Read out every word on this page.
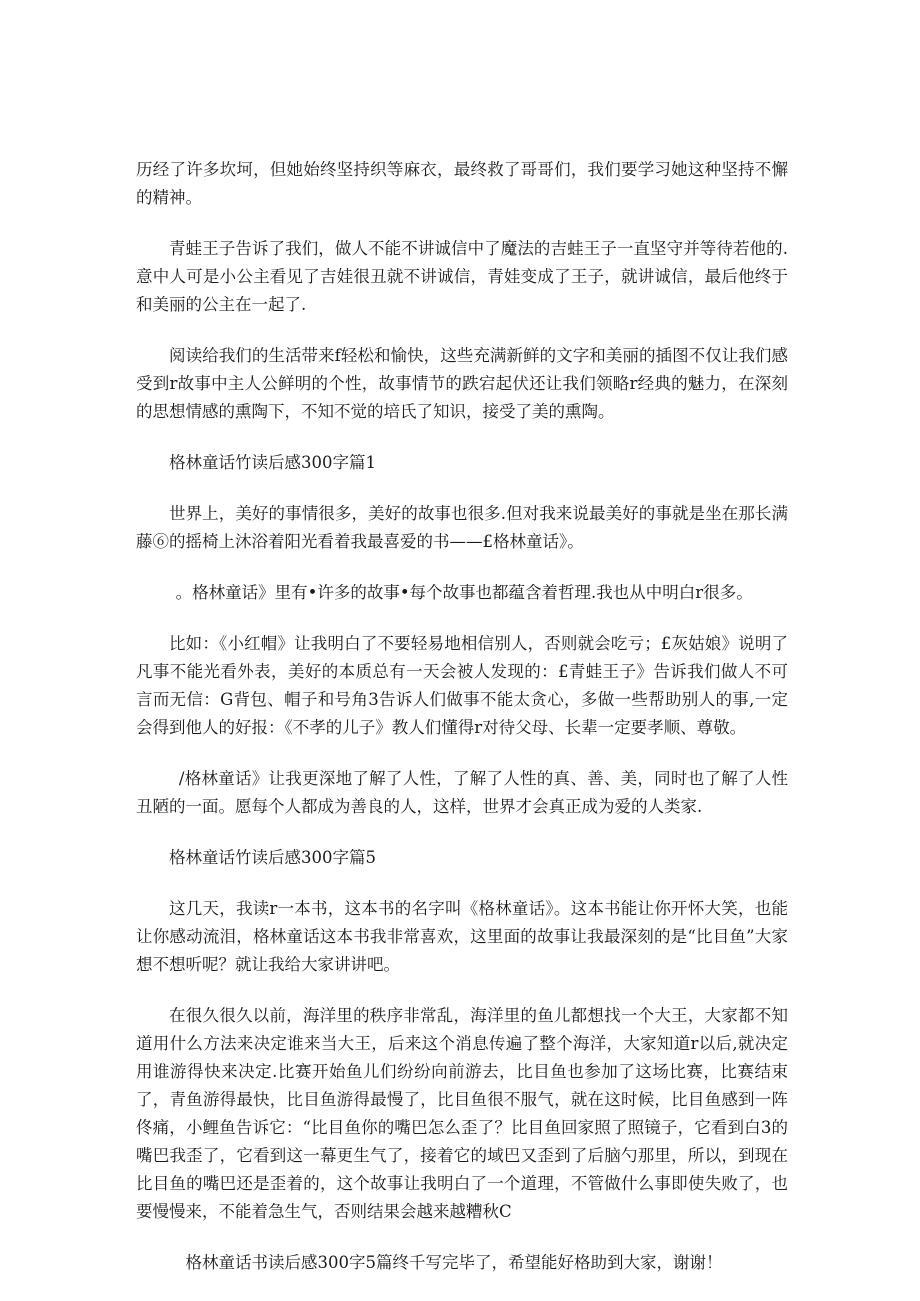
历经了许多坎坷，但她始终坚持织等麻衣，最终救了哥哥们，我们要学习她这种坚持不懈的精神。

青蛙王子告诉了我们，做人不能不讲诚信中了魔法的吉蛙王子一直坚守并等待若他的.意中人可是小公主看见了吉娃很丑就不讲诚信，青娃变成了王子，就讲诚信，最后他终于和美丽的公主在一起了.

阅读给我们的生活带来f轻松和愉快，这些充满新鲜的文字和美丽的插图不仅让我们感受到r故事中主人公鲜明的个性，故事情节的跌宕起伏还让我们领略r经典的魅力，在深刻的思想情感的熏陶下，不知不觉的培氏了知识，接受了美的熏陶。

格林童话竹读后感300字篇1

世界上，美好的事情很多，美好的故事也很多.但对我来说最美好的事就是坐在那长满藤⑥的摇椅上沐浴着阳光看着我最喜爱的书——£格林童话》。

。格林童话》里有•许多的故事•每个故事也都蕴含着哲理.我也从中明白r很多。

比如：《小红帽》让我明白了不要轻易地相信别人，否则就会吃亏；£灰姑娘》说明了凡事不能光看外表，美好的本质总有一天会被人发现的：£青蛙王子》告诉我们做人不可言而无信：G背包、帽子和号角3告诉人们做事不能太贪心，多做一些帮助别人的事,一定会得到他人的好报：《不孝的儿子》教人们懂得r对待父母、长辈一定要孝顺、尊敬。

/格林童话》让我更深地了解了人性，了解了人性的真、善、美，同时也了解了人性丑陋的一面。愿每个人都成为善良的人，这样，世界才会真正成为爱的人类家.

格林童话竹读后感300字篇5

这几天，我读r一本书，这本书的名字叫《格林童话》。这本书能让你开怀大笑，也能让你感动流泪，格林童话这本书我非常喜欢，这里面的故事让我最深刻的是“比目鱼”大家想不想听呢？就让我给大家讲讲吧。

在很久很久以前，海洋里的秩序非常乱，海洋里的鱼儿都想找一个大王，大家都不知道用什么方法来决定谁来当大王，后来这个消息传遍了整个海洋，大家知道r以后,就决定用谁游得快来决定.比赛开始鱼儿们纷纷向前游去，比目鱼也参加了这场比赛，比赛结束了，青鱼游得最快，比目鱼游得最慢了，比目鱼很不服气，就在这时候，比目鱼感到一阵佟痛，小鲤鱼告诉它：“比目鱼你的嘴巴怎么歪了？比目鱼回家照了照镜子，它看到白3的嘴巴我歪了，它看到这一幕更生气了，接着它的域巴又歪到了后脑勺那里，所以，到现在比目鱼的嘴巴还是歪着的，这个故事让我明白了一个道理，不管做什么事即使失败了，也要慢慢来，不能着急生气，否则结果会越来越糟秋C

格林童话书读后感300字5篇终千写完毕了，希望能好格助到大家，谢谢！
